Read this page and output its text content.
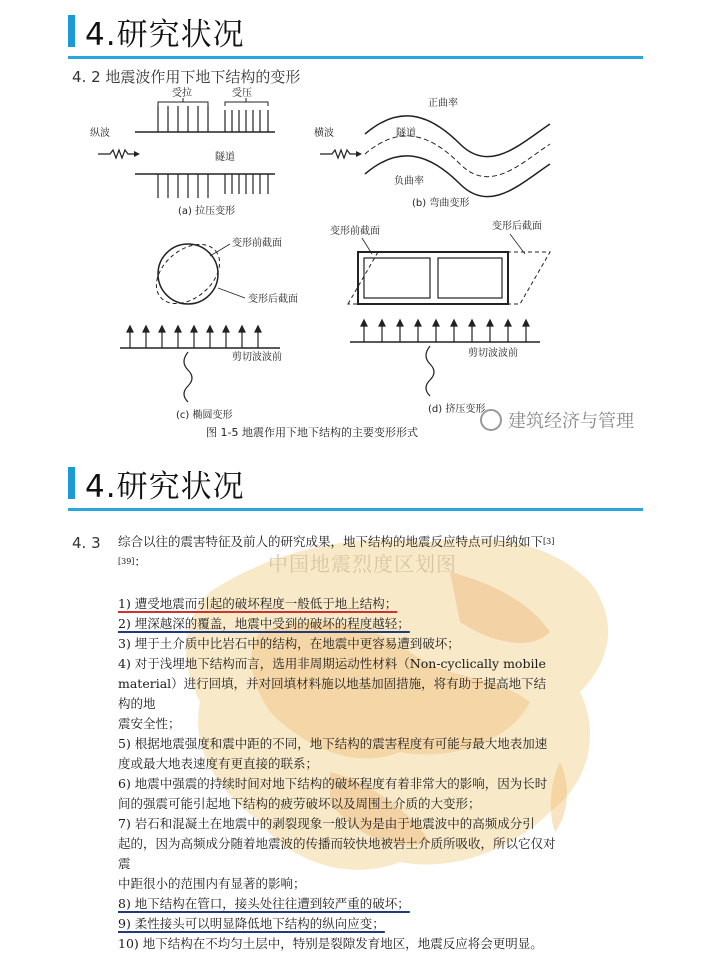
4.研究状况
4. 2 地震波作用下地下结构的变形
受拉	受压
纵波
隧道
(a) 拉压变形
正曲率
横波	隧道
负曲率
(b) 弯曲变形
变形前截面
变形后截面
剪切波波前
(c) 椭圆变形
变形前截面	变形后截面
剪切波波前
(d) 挤压变形
图 1-5 地震作用下地下结构的主要变形形式
建筑经济与管理
4.研究状况
中国地震烈度区划图
4. 3 综合以往的震害特征及前人的研究成果，地下结构的地震反应特点可归纳如下[3][39]：

1) 遭受地震而引起的破坏程度一般低于地上结构；

2) 埋深越深的覆盖，地震中受到的破坏的程度越轻；

3) 埋于土介质中比岩石中的结构，在地震中更容易遭到破坏；

4) 对于浅埋地下结构而言，选用非周期运动性材料（Non-cyclically mobile

material）进行回填，并对回填材料施以地基加固措施，将有助于提高地下结构的地

震安全性；

5) 根据地震强度和震中距的不同，地下结构的震害程度有可能与最大地表加速

度或最大地表速度有更直接的联系；

6) 地震中强震的持续时间对地下结构的破坏程度有着非常大的影响，因为长时

间的强震可能引起地下结构的疲劳破坏以及周围土介质的大变形；

7) 岩石和混凝土在地震中的剥裂现象一般认为是由于地震波中的高频成分引

起的，因为高频成分随着地震波的传播而较快地被岩土介质所吸收，所以它仅对震

中距很小的范围内有显著的影响；

8) 地下结构在管口，接头处往往遭到较严重的破坏；

9) 柔性接头可以明显降低地下结构的纵向应变；

10) 地下结构在不均匀土层中，特别是裂隙发育地区，地震反应将会更明显。
